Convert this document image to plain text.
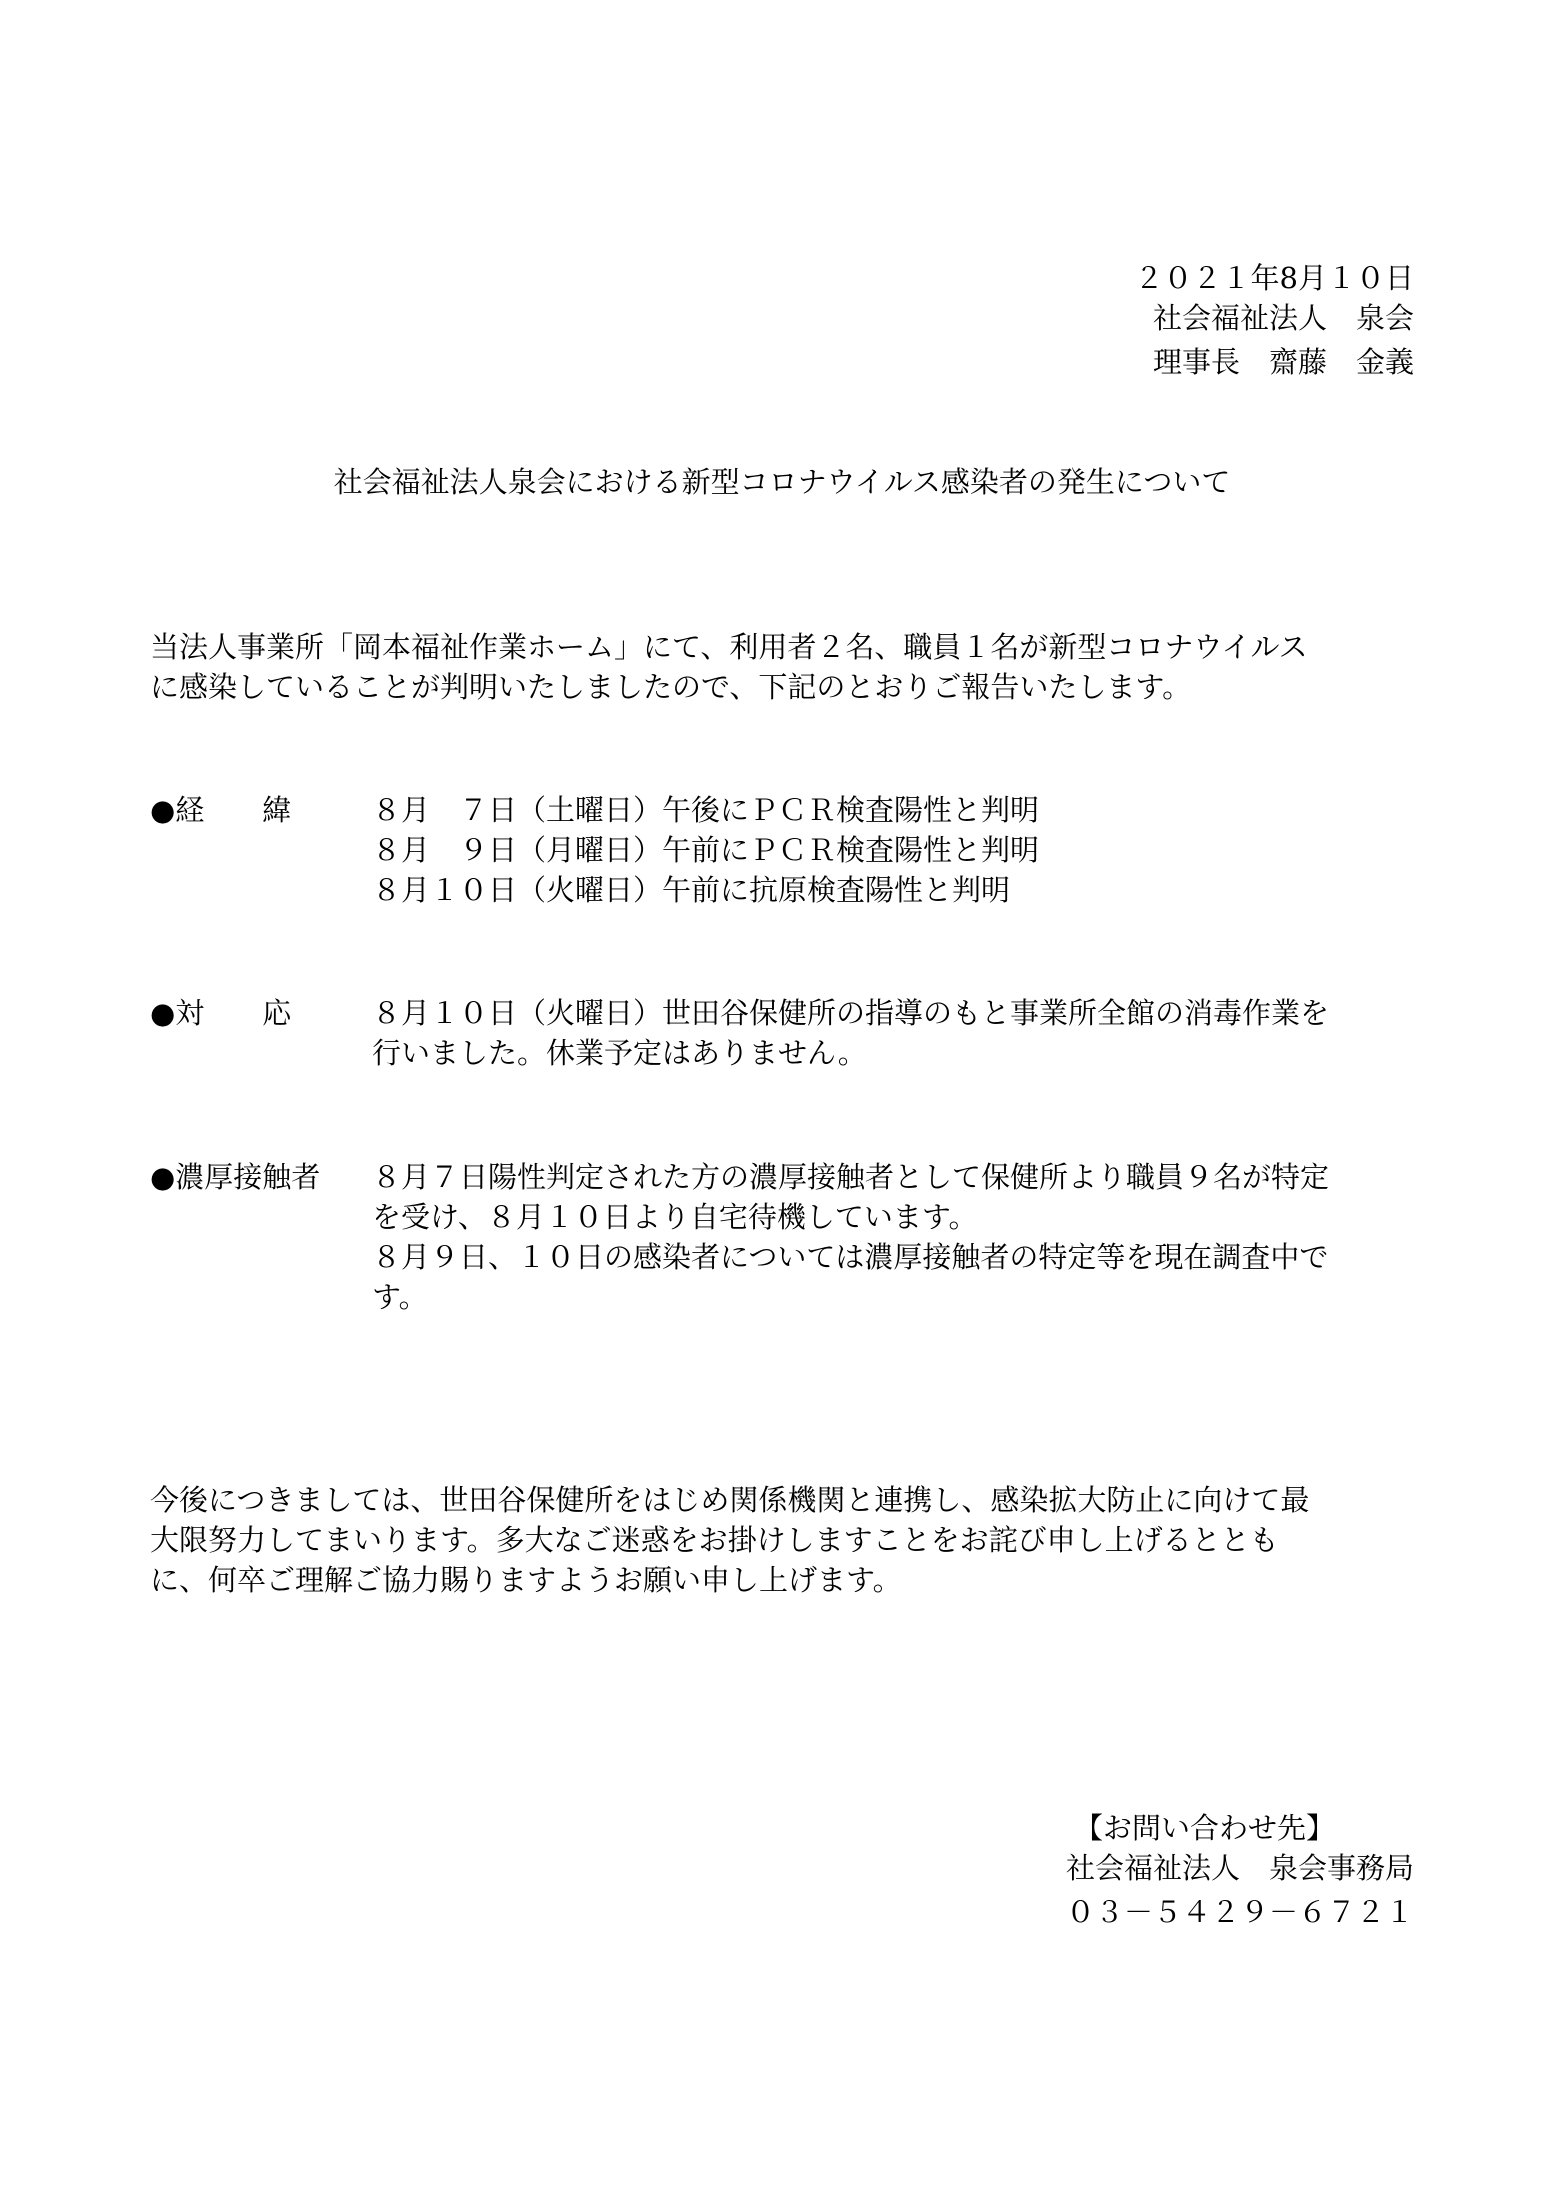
２０２１年8月１０日
社会福祉法人　泉会
理事長　齋藤　金義
社会福祉法人泉会における新型コロナウイルス感染者の発生について
当法人事業所「岡本福祉作業ホーム」にて、利用者２名、職員１名が新型コロナウイルス
に感染していることが判明いたしましたので、下記のとおりご報告いたします。
●経　　緯	８月　７日（土曜日）午後にＰＣＲ検査陽性と判明
８月　９日（月曜日）午前にＰＣＲ検査陽性と判明
８月１０日（火曜日）午前に抗原検査陽性と判明
●対　　応	８月１０日（火曜日）世田谷保健所の指導のもと事業所全館の消毒作業を
行いました。休業予定はありません。
●濃厚接触者 ８月７日陽性判定された方の濃厚接触者として保健所より職員９名が特定
を受け、８月１０日より自宅待機しています。
８月９日、１０日の感染者については濃厚接触者の特定等を現在調査中で
す。
今後につきましては、世田谷保健所をはじめ関係機関と連携し、感染拡大防止に向けて最
大限努力してまいります。多大なご迷惑をお掛けしますことをお詫び申し上げるととも
に、何卒ご理解ご協力賜りますようお願い申し上げます。
【お問い合わせ先】
社会福祉法人　泉会事務局
０３－５４２９－６７２１
